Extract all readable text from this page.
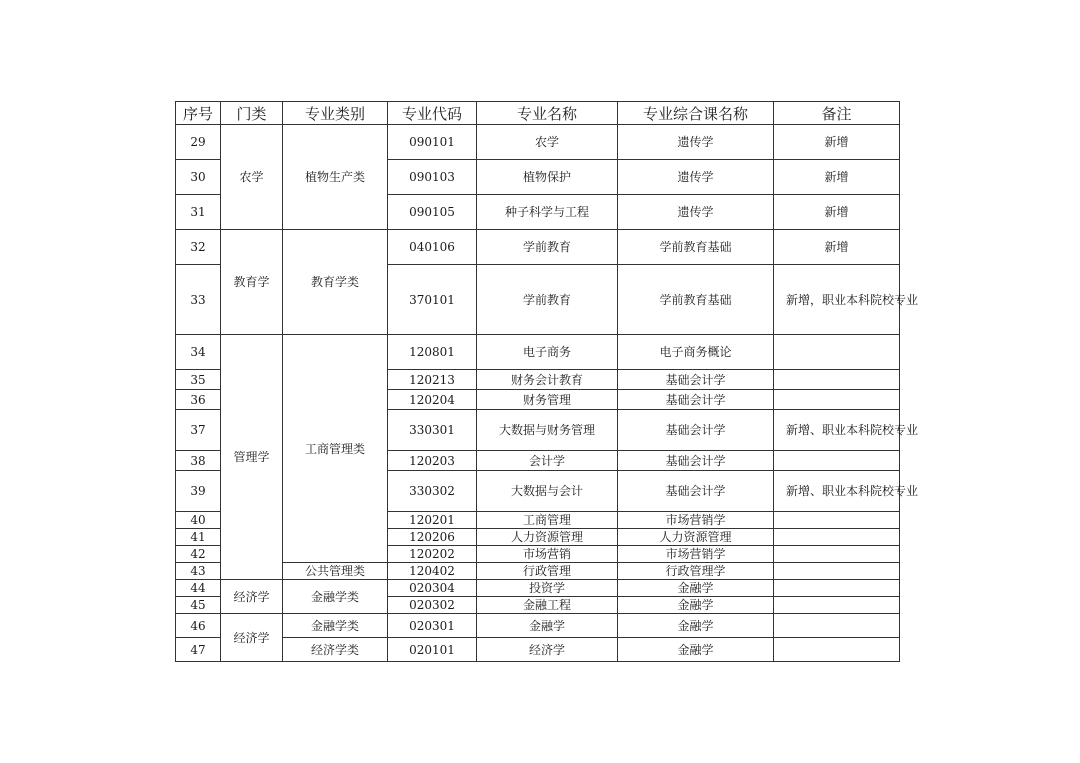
序号	门类	专业类别	专业代码	专业名称	专业综合课名称	备注
29	农学	植物生产类	090101	农学	遗传学	新增
30			090103	植物保护	遗传学	新增
31			090105	种子科学与工程	遗传学	新增
32	教育学	教育学类	040106	学前教育	学前教育基础	新增
33			370101	学前教育	学前教育基础	新增，职业本科院校专业
34	管理学	工商管理类	120801	电子商务	电子商务概论	
35			120213	财务会计教育	基础会计学	
36			120204	财务管理	基础会计学	
37			330301	大数据与财务管理	基础会计学	新增、职业本科院校专业
38			120203	会计学	基础会计学	
39			330302	大数据与会计	基础会计学	新增、职业本科院校专业
40			120201	工商管理	市场营销学	
41			120206	人力资源管理	人力资源管理	
42			120202	市场营销	市场营销学	
43		公共管理类	120402	行政管理	行政管理学	
44	经济学	金融学类	020304	投资学	金融学	
45			020302	金融工程	金融学	
46	经济学	金融学类	020301	金融学	金融学	
47		经济学类	020101	经济学	金融学	
